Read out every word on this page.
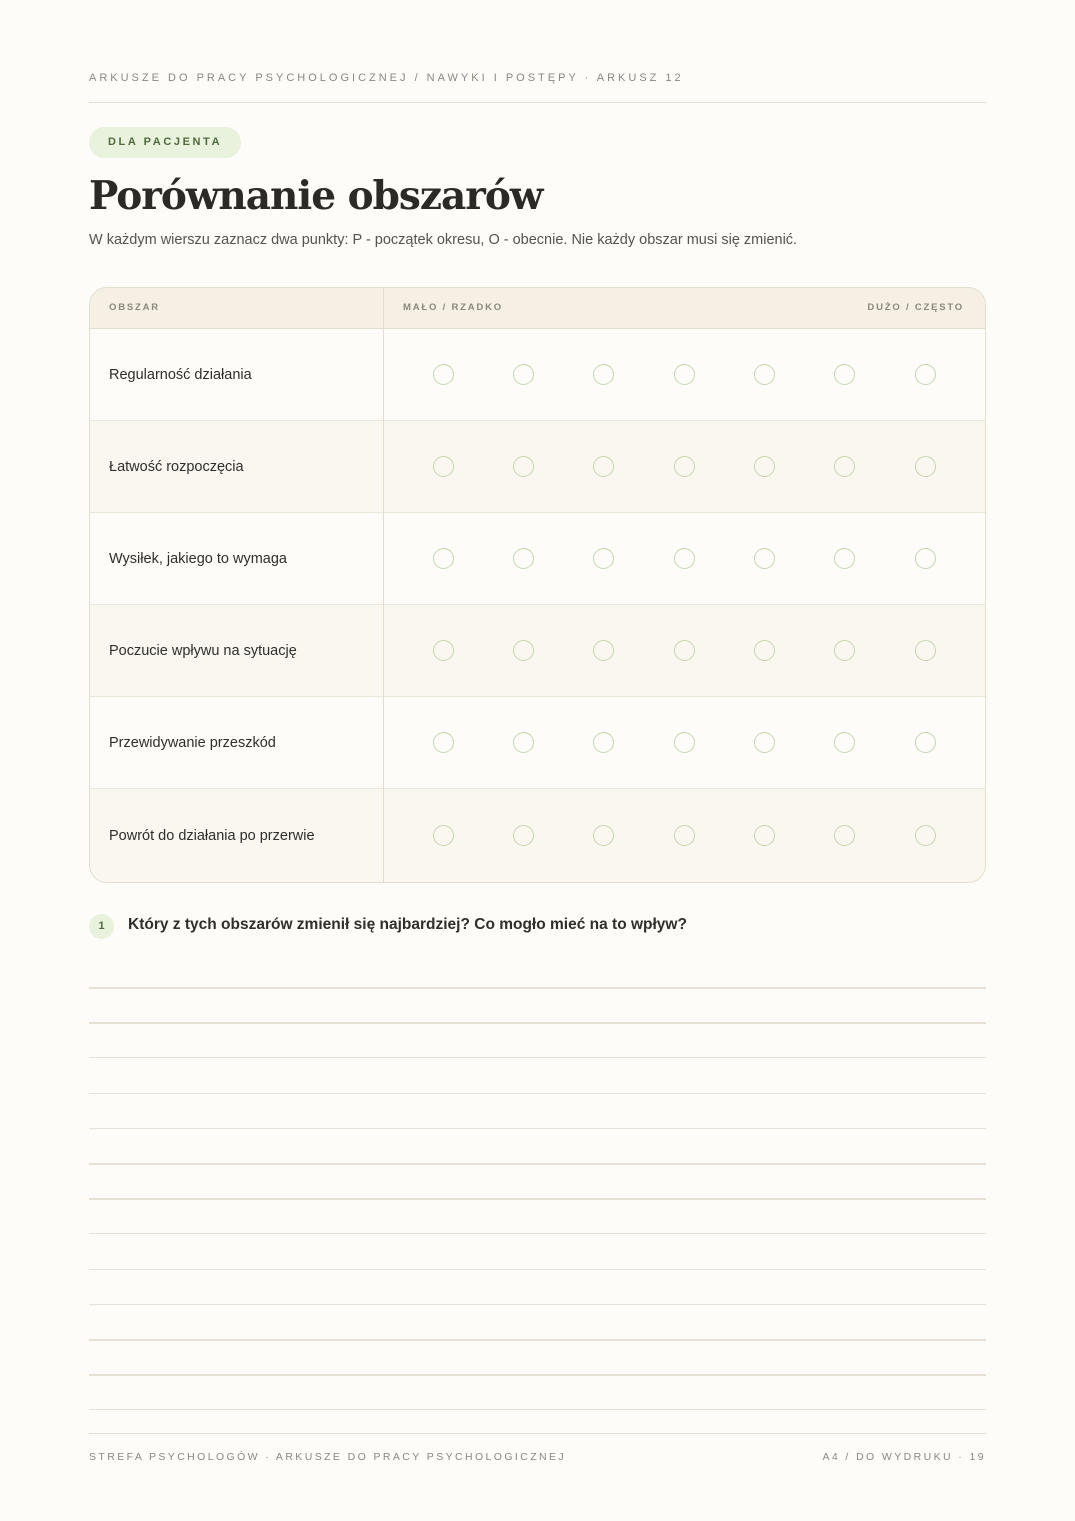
ARKUSZE DO PRACY PSYCHOLOGICZNEJ / NAWYKI I POSTĘPY · ARKUSZ 12
DLA PACJENTA
Porównanie obszarów
W każdym wierszu zaznacz dwa punkty: P - początek okresu, O - obecnie. Nie każdy obszar musi się zmienić.
OBSZAR	MAŁO / RZADKO	DUŻO / CZĘSTO
Regularność działania
Łatwość rozpoczęcia
Wysiłek, jakiego to wymaga
Poczucie wpływu na sytuację
Przewidywanie przeszkód
Powrót do działania po przerwie
1	Który z tych obszarów zmienił się najbardziej? Co mogło mieć na to wpływ?
STREFA PSYCHOLOGÓW · ARKUSZE DO PRACY PSYCHOLOGICZNEJ	A4 / DO WYDRUKU · 19
